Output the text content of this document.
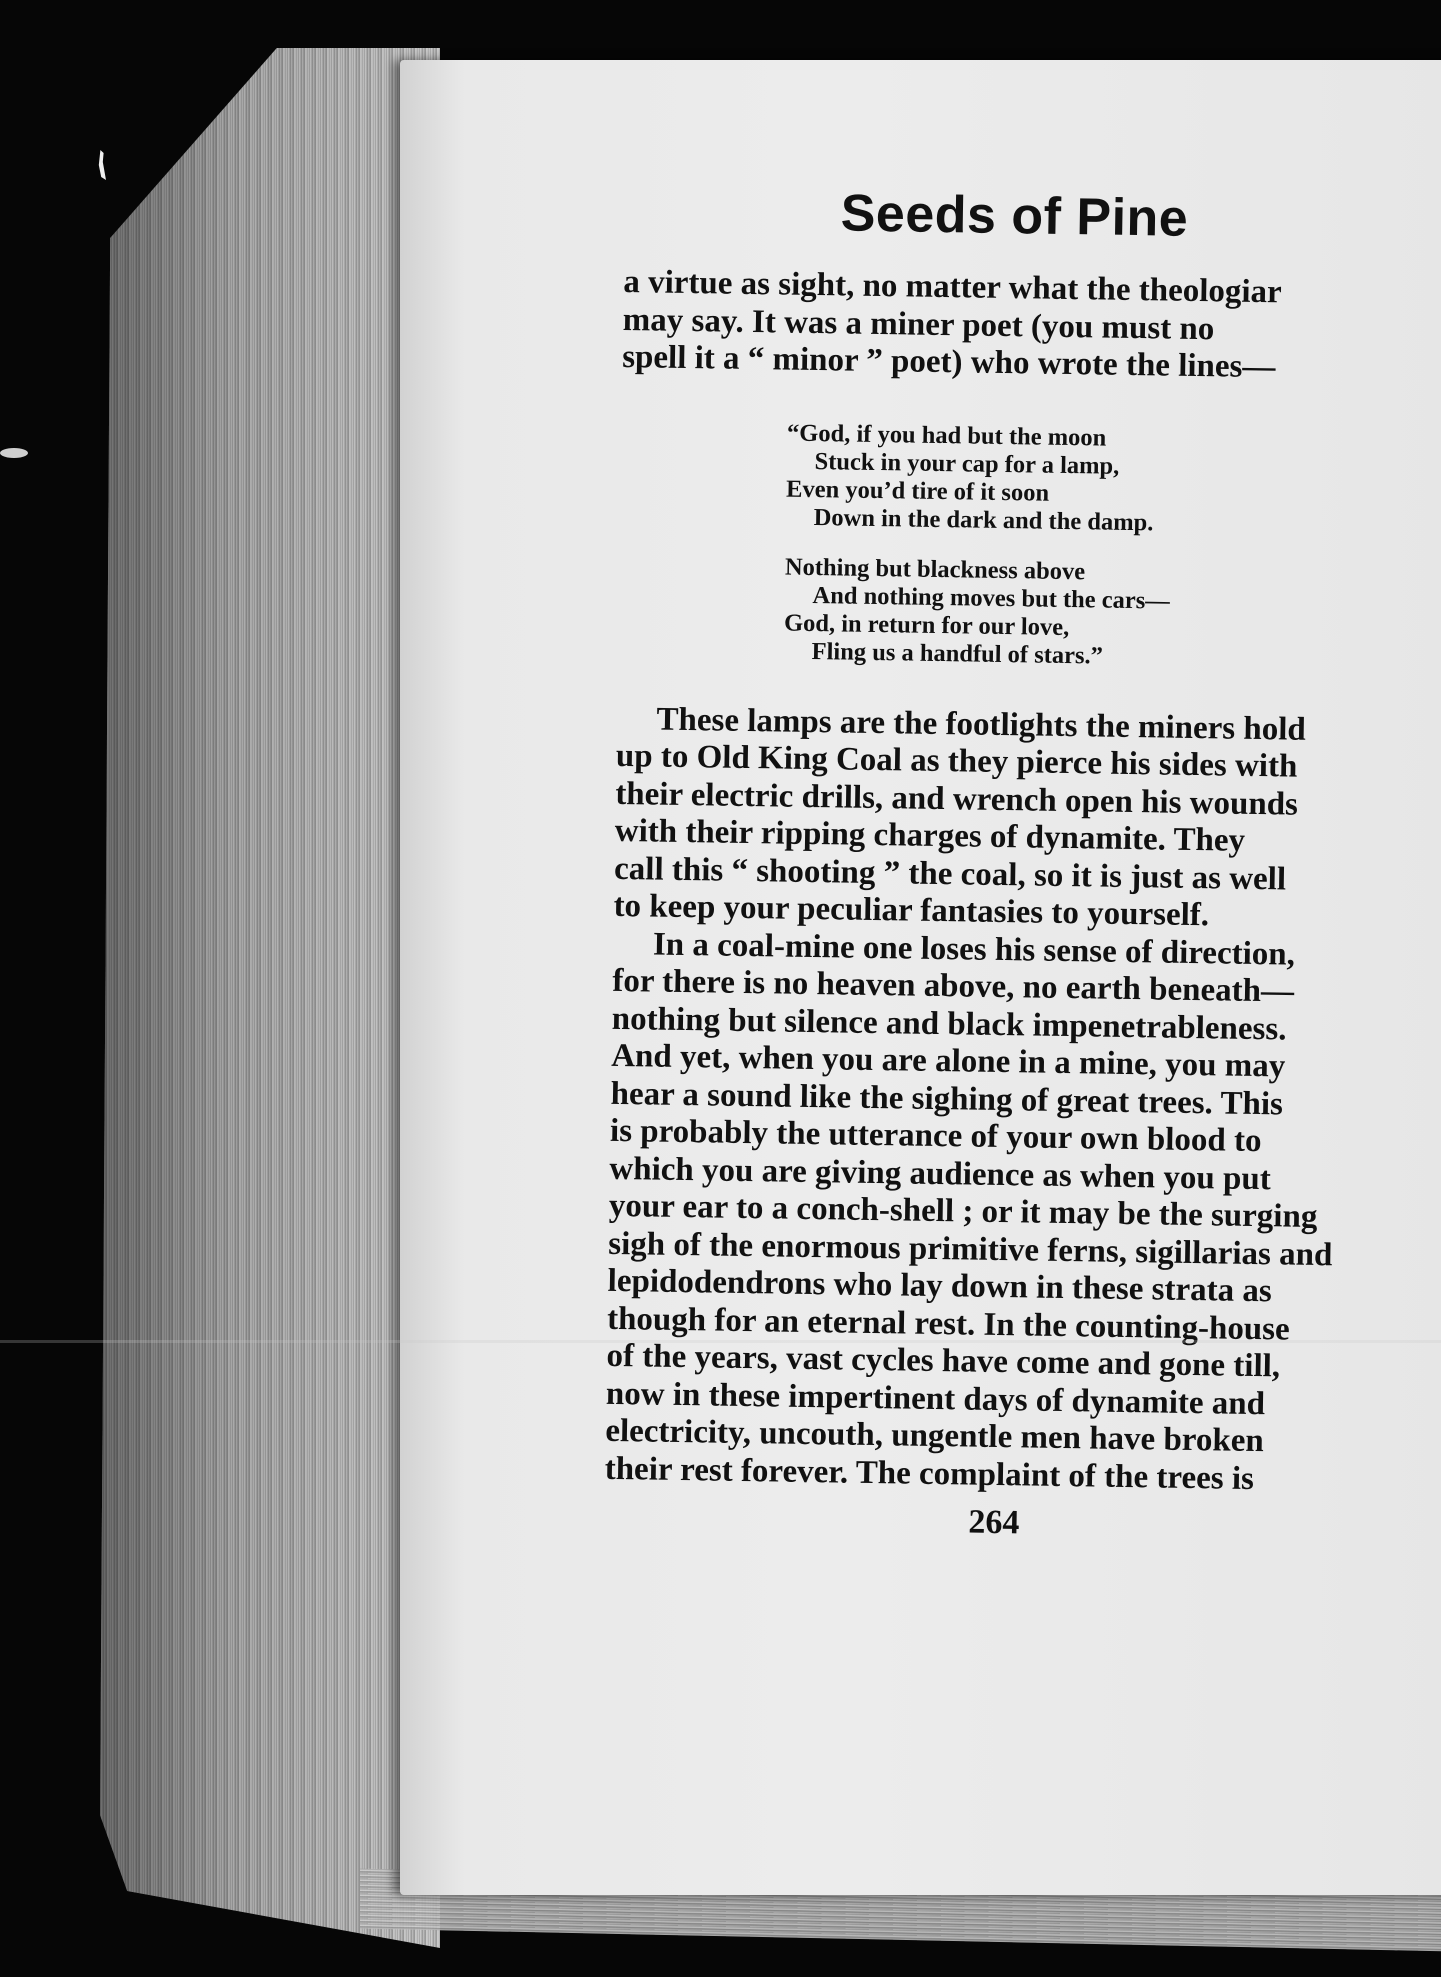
Seeds of Pine
a virtue as sight, no matter what the theologiar
may say. It was a miner poet (you must no
spell it a “ minor ” poet) who wrote the lines—
“God, if you had but the moon
Stuck in your cap for a lamp,
Even you’d tire of it soon
Down in the dark and the damp.
Nothing but blackness above
And nothing moves but the cars—
God, in return for our love,
Fling us a handful of stars.”
These lamps are the footlights the miners hold
up to Old King Coal as they pierce his sides with
their electric drills, and wrench open his wounds
with their ripping charges of dynamite. They
call this “ shooting ” the coal, so it is just as well
to keep your peculiar fantasies to yourself.
In a coal-mine one loses his sense of direction,
for there is no heaven above, no earth beneath—
nothing but silence and black impenetrableness.
And yet, when you are alone in a mine, you may
hear a sound like the sighing of great trees. This
is probably the utterance of your own blood to
which you are giving audience as when you put
your ear to a conch-shell ; or it may be the surging
sigh of the enormous primitive ferns, sigillarias and
lepidodendrons who lay down in these strata as
though for an eternal rest. In the counting-house
of the years, vast cycles have come and gone till,
now in these impertinent days of dynamite and
electricity, uncouth, ungentle men have broken
their rest forever. The complaint of the trees is
264
